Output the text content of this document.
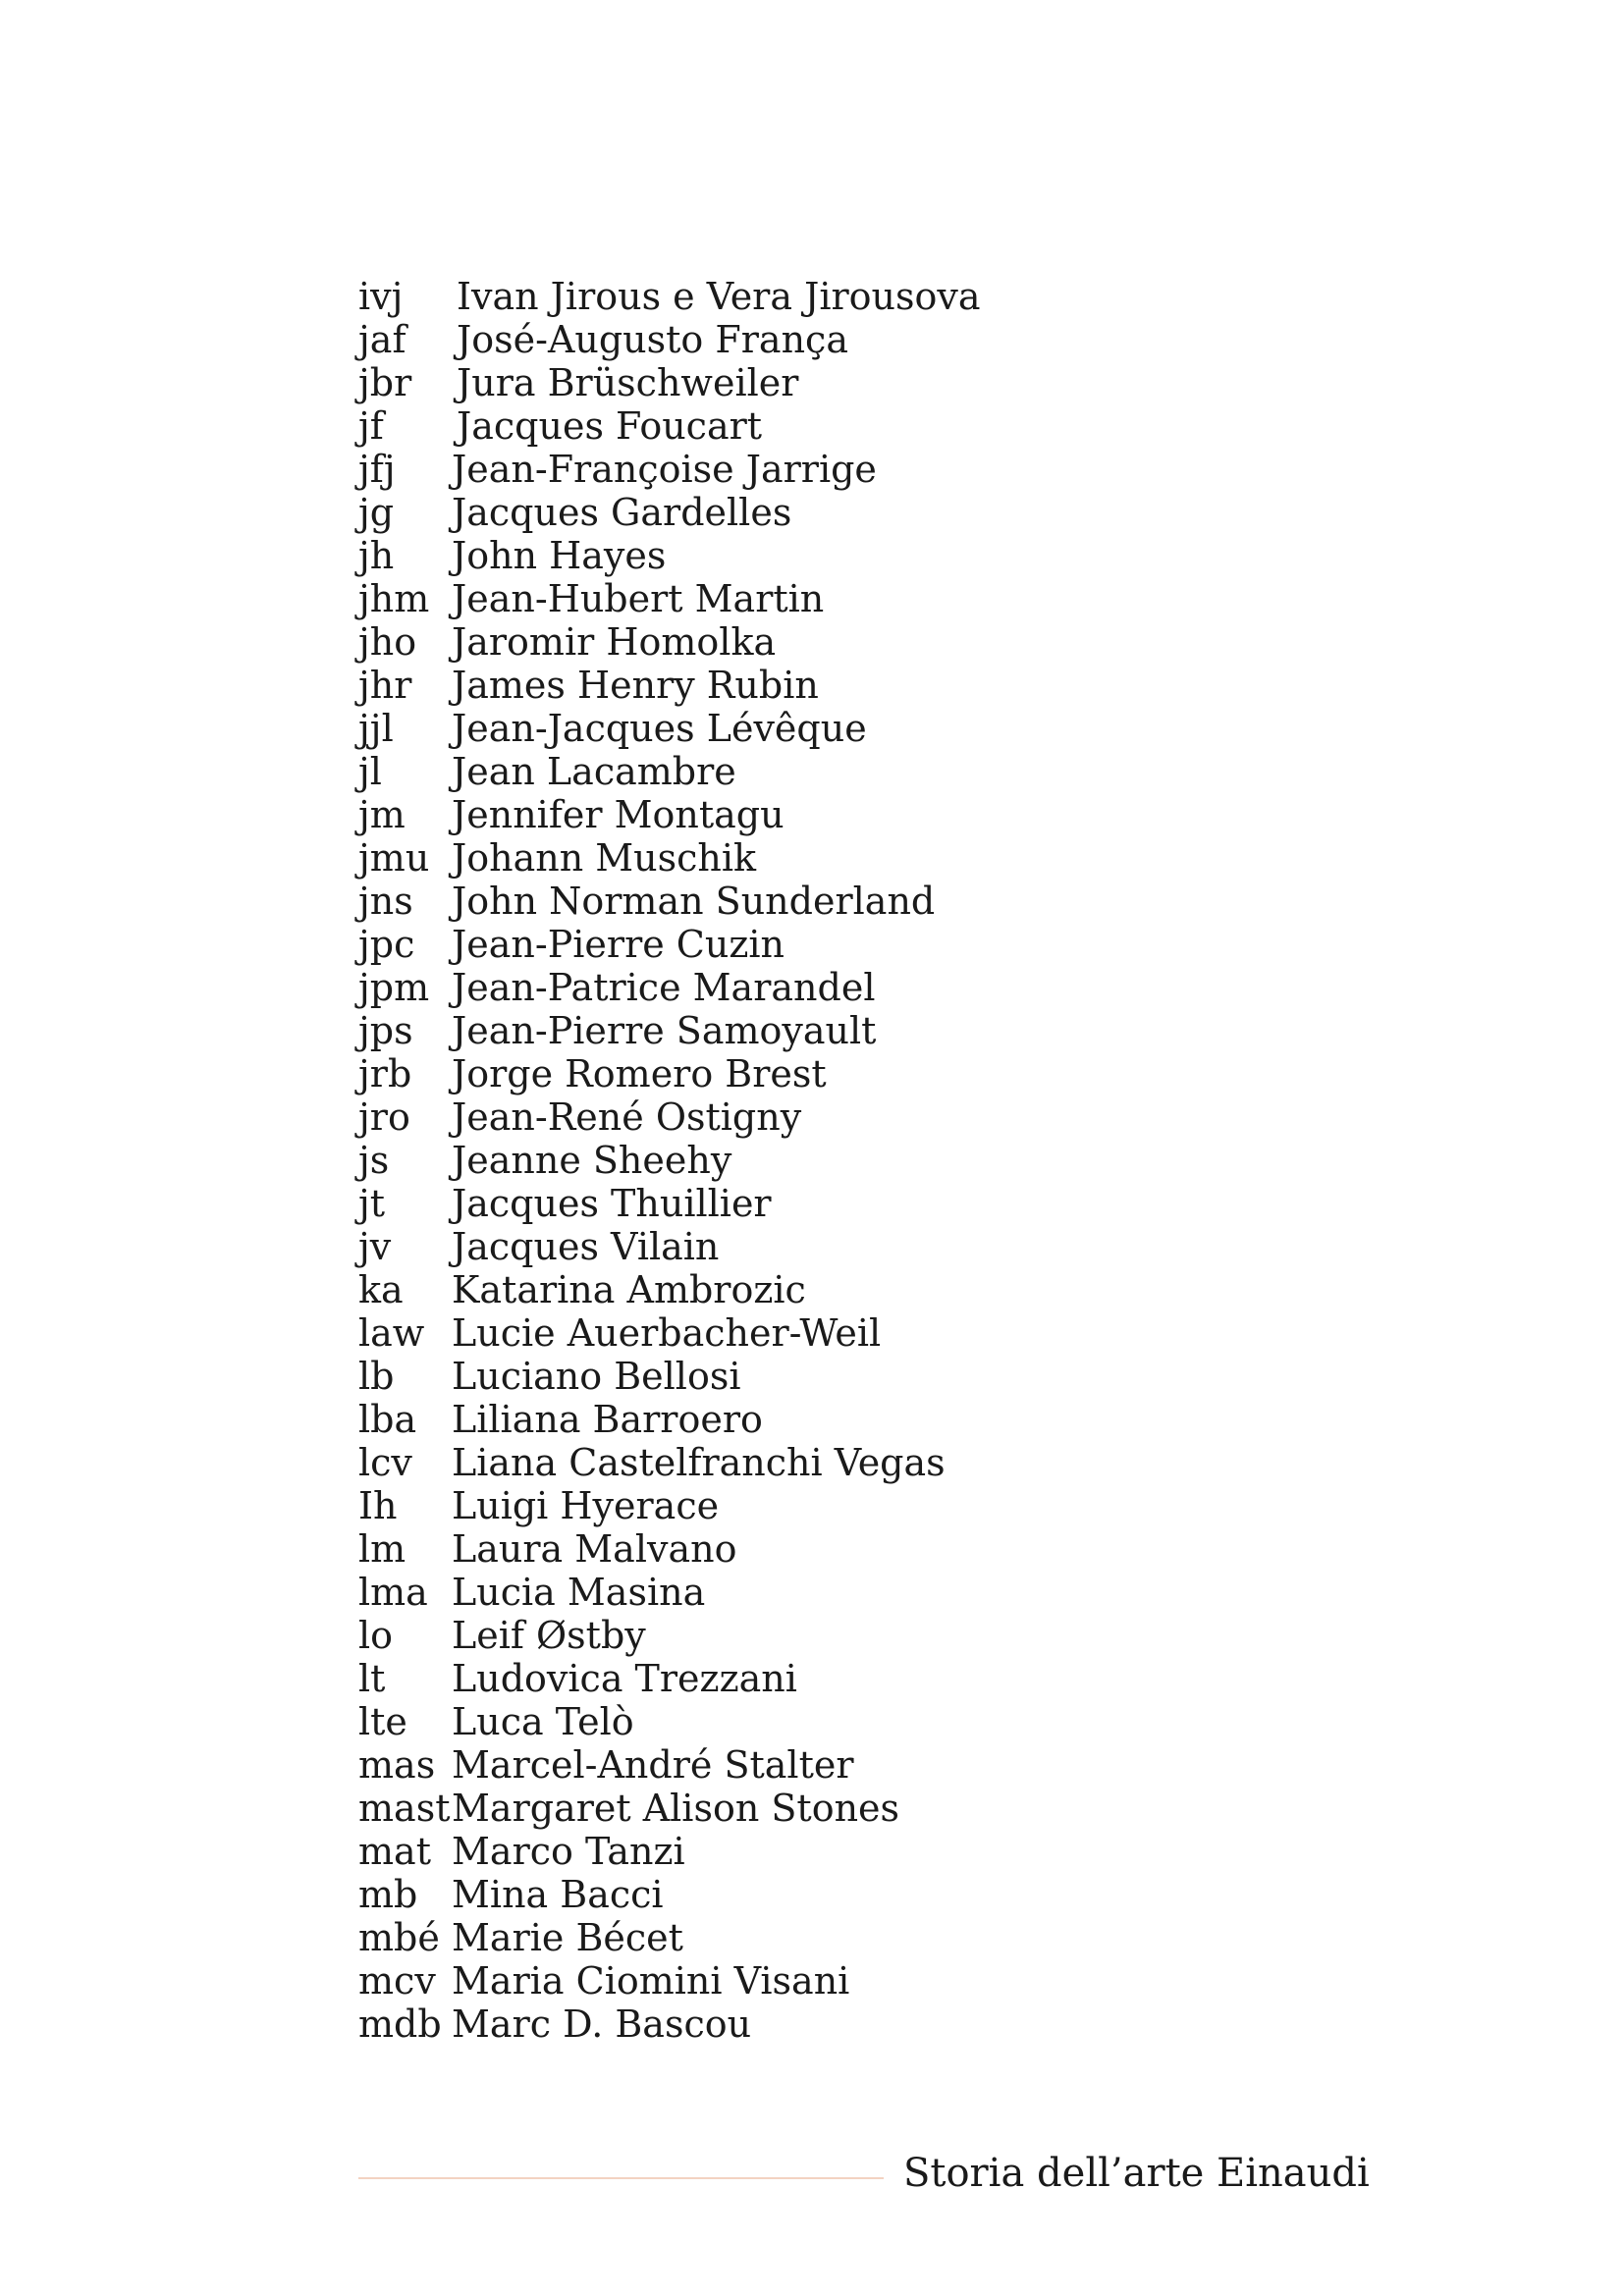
ivj Ivan Jirous e Vera Jirousova
jaf José-Augusto França
jbr Jura Brüschweiler
jf Jacques Foucart
jfj Jean-Françoise Jarrige
jg Jacques Gardelles
jh John Hayes
jhm Jean-Hubert Martin
jho Jaromir Homolka
jhr James Henry Rubin
jjl Jean-Jacques Lévêque
jl Jean Lacambre
jm Jennifer Montagu
jmu Johann Muschik
jns John Norman Sunderland
jpc Jean-Pierre Cuzin
jpm Jean-Patrice Marandel
jps Jean-Pierre Samoyault
jrb Jorge Romero Brest
jro Jean-René Ostigny
js Jeanne Sheehy
jt Jacques Thuillier
jv Jacques Vilain
ka Katarina Ambrozic
law Lucie Auerbacher-Weil
lb Luciano Bellosi
lba Liliana Barroero
lcv Liana Castelfranchi Vegas
Ih Luigi Hyerace
lm Laura Malvano
lma Lucia Masina
lo Leif Østby
lt Ludovica Trezzani
lte Luca Telò
mas Marcel-André Stalter
mast Margaret Alison Stones
mat Marco Tanzi
mb Mina Bacci
mbé Marie Bécet
mcv Maria Ciomini Visani
mdb Marc D. Bascou
Storia dell’arte Einaudi
